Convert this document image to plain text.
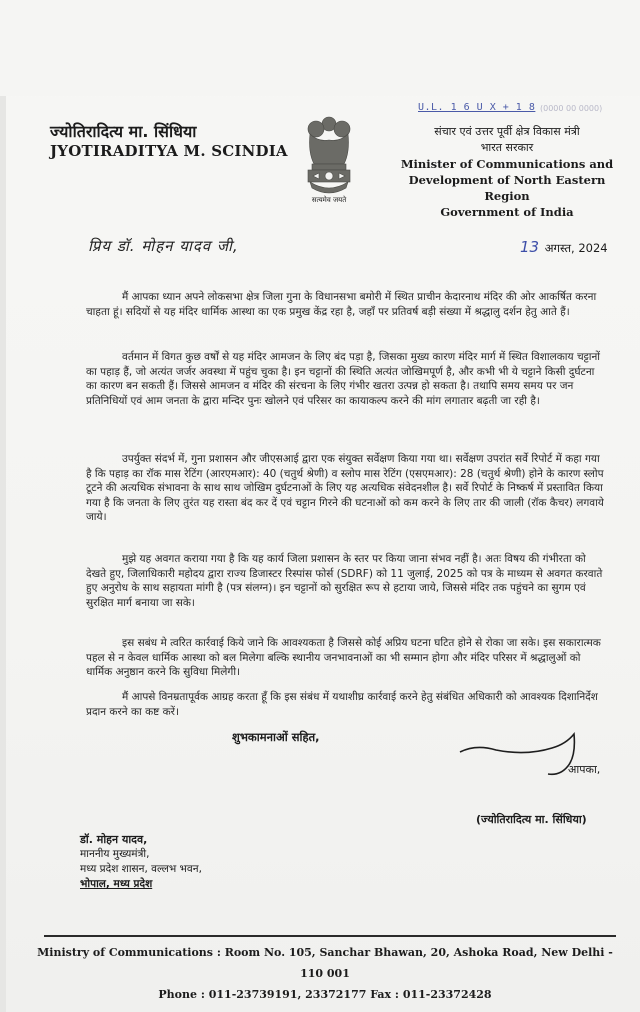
U.L. 1 6 U X + 1 8 (0000 00 0000)
ज्योतिरादित्य मा. सिंधिया
JYOTIRADITYA M. SCINDIA
सत्यमेव जयते
संचार एवं उत्तर पूर्वी क्षेत्र विकास मंत्री
भारत सरकार
Minister of Communications and
Development of North Eastern Region
Government of India
प्रिय डॉ. मोहन यादव जी,	13 अगस्त, 2024
मैं आपका ध्यान अपने लोकसभा क्षेत्र जिला गुना के विधानसभा बमोरी में स्थित प्राचीन केदारनाथ मंदिर की ओर आकर्षित करना चाहता हूं। सदियों से यह मंदिर धार्मिक आस्था का एक प्रमुख केंद्र रहा है, जहाँ पर प्रतिवर्ष बड़ी संख्या में श्रद्धालु दर्शन हेतु आते हैं।
वर्तमान में विगत कुछ वर्षों से यह मंदिर आमजन के लिए बंद पड़ा है, जिसका मुख्य कारण मंदिर मार्ग में स्थित विशालकाय चट्टानों का पहाड़ हैं, जो अत्यंत जर्जर अवस्था में पहुंच चुका है। इन चट्टानों की स्थिति अत्यंत जोखिमपूर्ण है, और कभी भी ये चट्टाने किसी दुर्घटना का कारण बन सकती हैं। जिससे आमजन व मंदिर की संरचना के लिए गंभीर खतरा उत्पन्न हो सकता है। तथापि समय समय पर जन प्रतिनिधियों एवं आम जनता के द्वारा मन्दिर पुनः खोलने एवं परिसर का कायाकल्प करने की मांग लगातार बढ़ती जा रही है।
उपर्युक्त संदर्भ में, गुना प्रशासन और जीएसआई द्वारा एक संयुक्त सर्वेक्षण किया गया था। सर्वेक्षण उपरांत सर्वे रिपोर्ट में कहा गया है कि पहाड़ का रॉक मास रेटिंग (आरएमआर): 40 (चतुर्थ श्रेणी) व स्लोप मास रेटिंग (एसएमआर): 28 (चतुर्थ श्रेणी) होने के कारण स्लोप टूटने की अत्यधिक संभावना के साथ साथ जोखिम दुर्घटनाओं के लिए यह अत्यधिक संवेदनशील है। सर्वे रिपोर्ट के निष्कर्ष में प्रस्तावित किया गया है कि जनता के लिए तुरंत यह रास्ता बंद कर दें एवं चट्टान गिरने की घटनाओं को कम करने के लिए तार की जाली (रॉक कैचर) लगवाये जाये।
मुझे यह अवगत कराया गया है कि यह कार्य जिला प्रशासन के स्तर पर किया जाना संभव नहीं है। अतः विषय की गंभीरता को देखते हुए, जिलाधिकारी महोदय द्वारा राज्य डिजास्टर रिस्पांस फोर्स (SDRF) को 11 जुलाई, 2025 को पत्र के माध्यम से अवगत करवाते हुए अनुरोध के साथ सहायता मांगी है (पत्र संलग्न)। इन चट्टानों को सुरक्षित रूप से हटाया जाये, जिससे मंदिर तक पहुंचने का सुगम एवं सुरक्षित मार्ग बनाया जा सके।
इस सबंध मे त्वरित कार्रवाई किये जाने कि आवश्यकता है जिससे कोई अप्रिय घटना घटित होने से रोका जा सके। इस सकारात्मक पहल से न केवल धार्मिक आस्था को बल मिलेगा बल्कि स्थानीय जनभावनाओं का भी सम्मान होगा और मंदिर परिसर में श्रद्धालुओं को धार्मिक अनुष्ठान करने कि सुविधा मिलेगी।
मैं आपसे विनम्रतापूर्वक आग्रह करता हूँ कि इस संबंध में यथाशीघ्र कार्रवाई करने हेतु संबंधित अधिकारी को आवश्यक दिशानिर्देश प्रदान करने का कष्ट करें।
शुभकामनाओं सहित,
आपका,
(ज्योतिरादित्य मा. सिंधिया)
डॉ. मोहन यादव,
माननीय मुख्यमंत्री,
मध्य प्रदेश शासन, वल्लभ भवन,
भोपाल, मध्य प्रदेश
Ministry of Communications : Room No. 105, Sanchar Bhawan, 20, Ashoka Road, New Delhi - 110 001
Phone : 011-23739191, 23372177 Fax : 011-23372428
